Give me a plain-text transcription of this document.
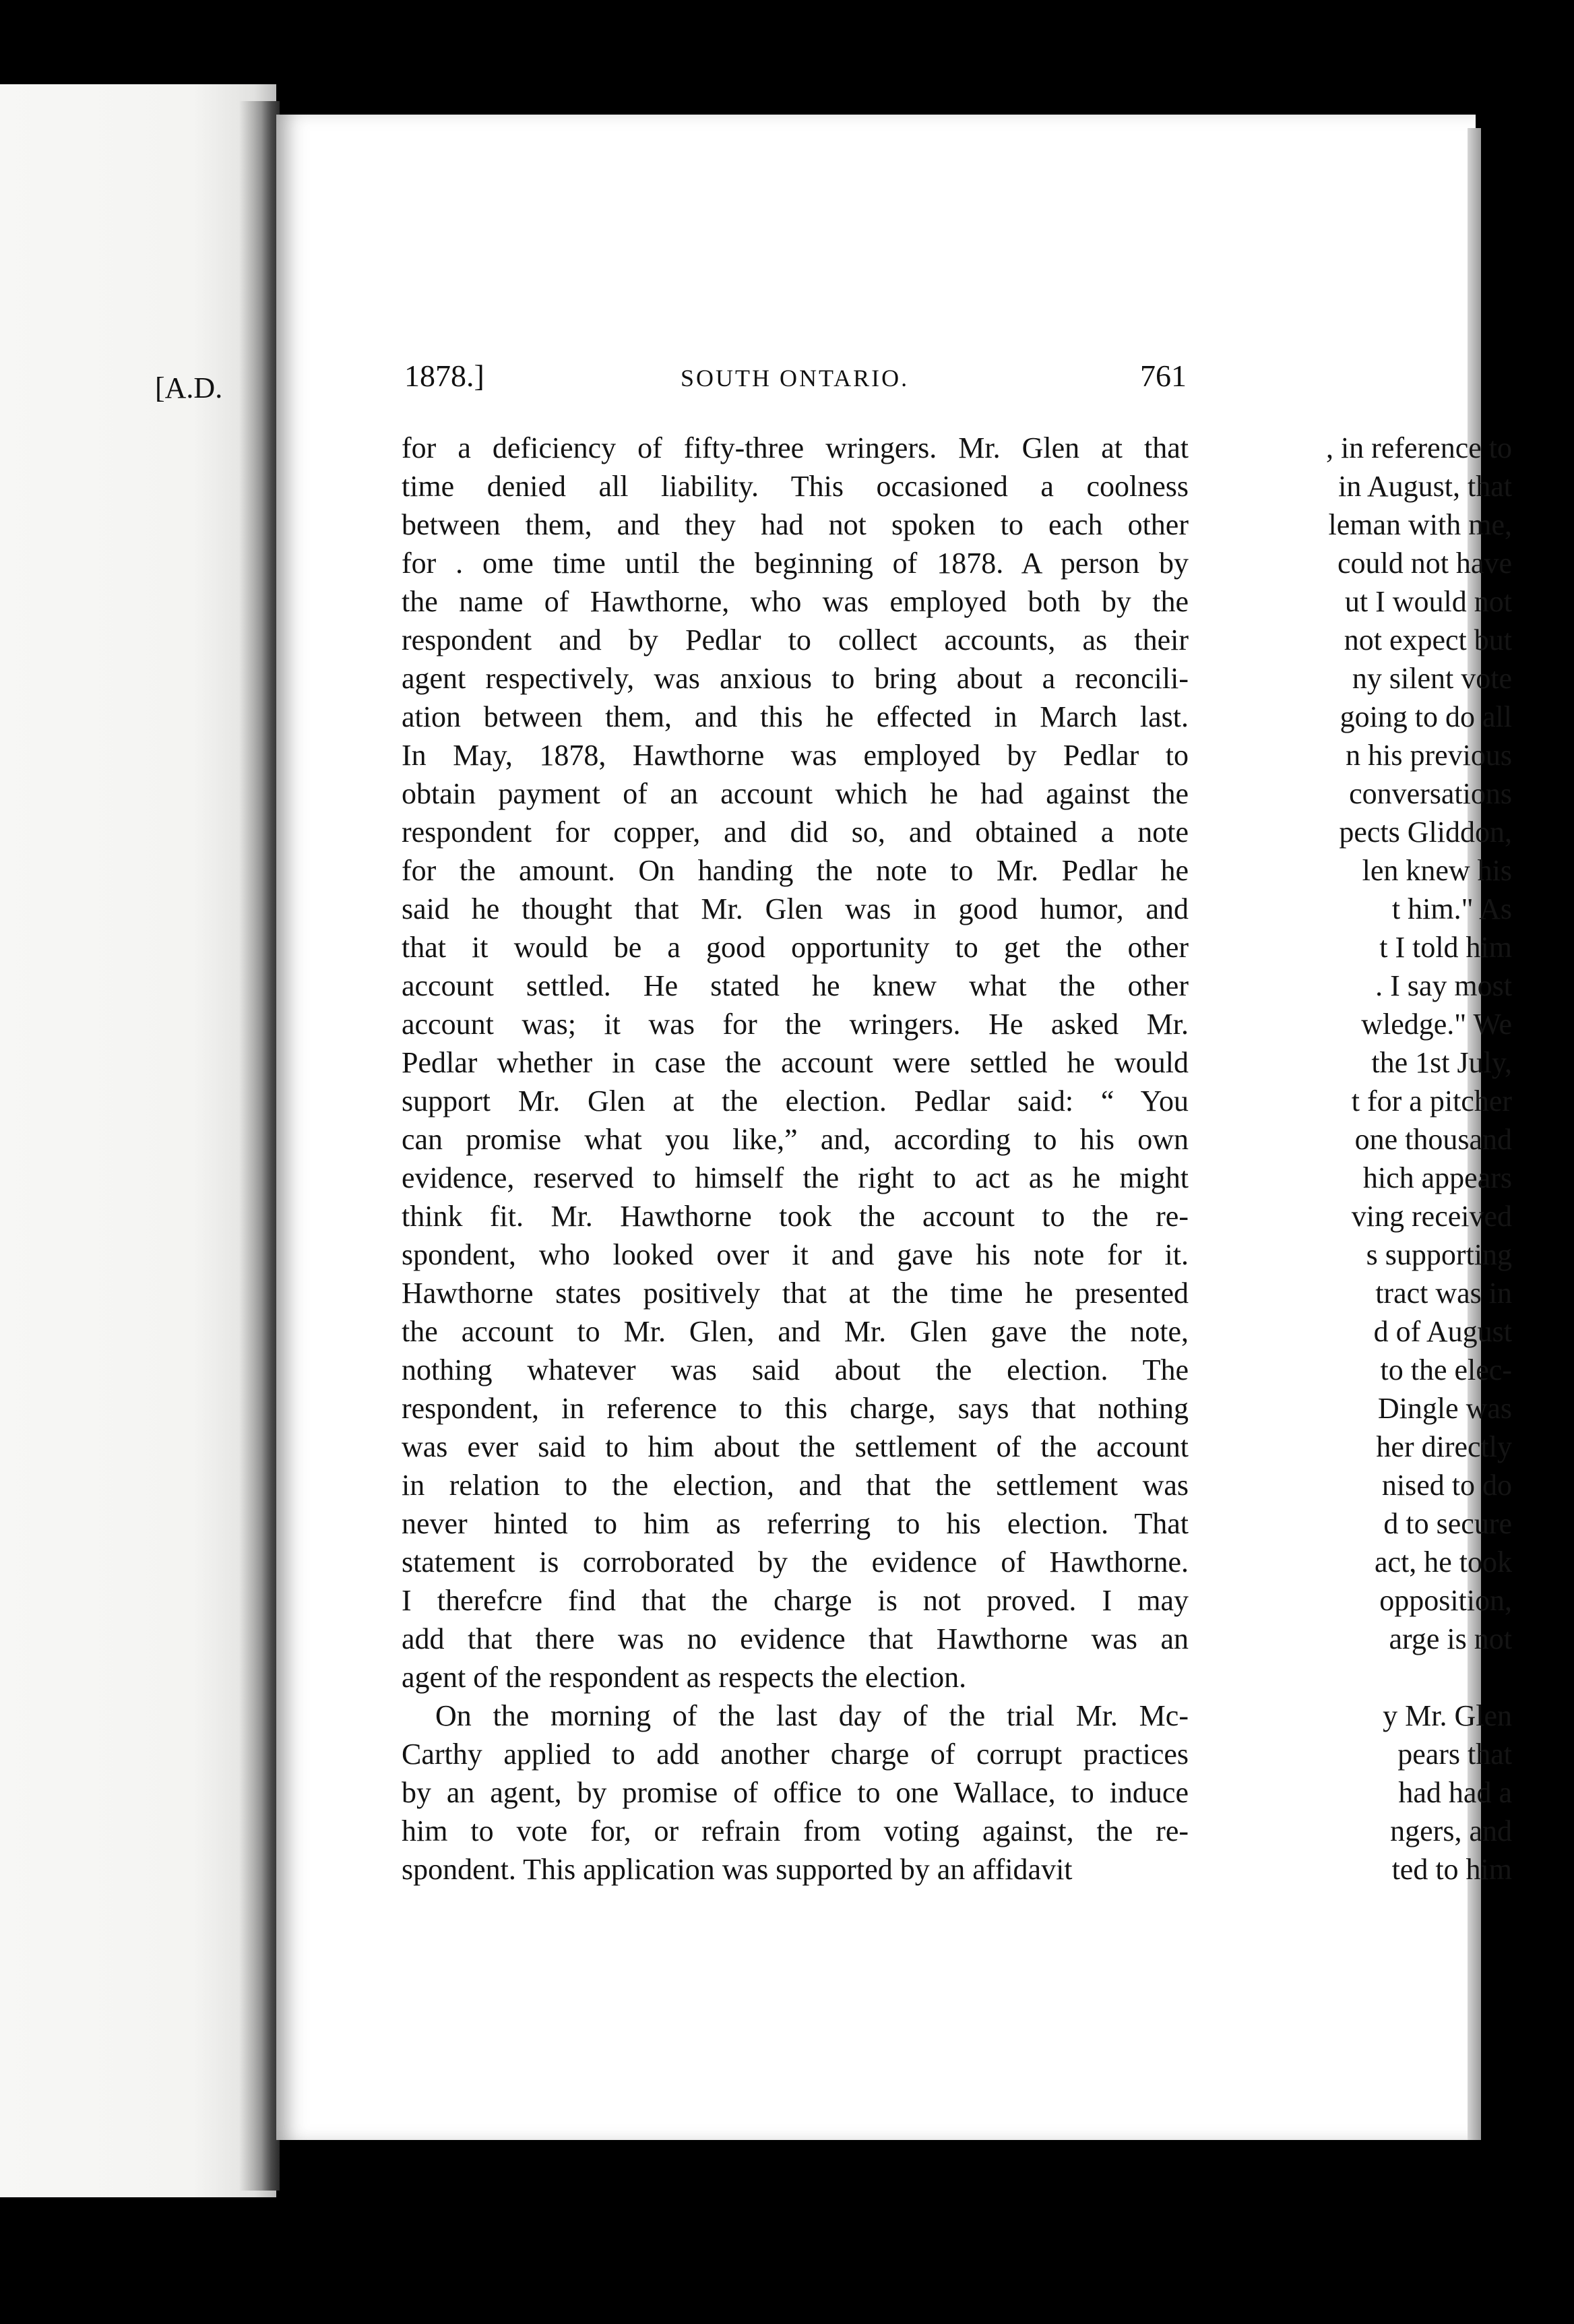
[A.D.
, in reference to
in August, that
leman with me,
could not have
ut I would not
not expect but
ny silent vote
going to do all
n his previous
conversations
pects Gliddon,
len knew his
t him." As
t I told him
. I say most
wledge." We
the 1st July,
t for a pitcher
one thousand
hich appears
ving received
s supporting
tract was in
d of August
to the elec-
Dingle was
her directly
nised to do
d to secure
act, he took
opposition,
arge is not
y Mr. Glen
pears that
had had a
ngers, and
ted to him
1878.]	SOUTH ONTARIO.	761

for a deficiency of fifty-three wringers. Mr. Glen at that

time denied all liability. This occasioned a coolness

between them, and they had not spoken to each other

for . ome time until the beginning of 1878. A person by

the name of Hawthorne, who was employed both by the

respondent and by Pedlar to collect accounts, as their

agent respectively, was anxious to bring about a reconcili-

ation between them, and this he effected in March last.

In May, 1878, Hawthorne was employed by Pedlar to

obtain payment of an account which he had against the

respondent for copper, and did so, and obtained a note

for the amount. On handing the note to Mr. Pedlar he

said he thought that Mr. Glen was in good humor, and

that it would be a good opportunity to get the other

account settled. He stated he knew what the other

account was; it was for the wringers. He asked Mr.

Pedlar whether in case the account were settled he would

support Mr. Glen at the election. Pedlar said: “ You

can promise what you like,” and, according to his own

evidence, reserved to himself the right to act as he might

think fit. Mr. Hawthorne took the account to the re-

spondent, who looked over it and gave his note for it.

Hawthorne states positively that at the time he presented

the account to Mr. Glen, and Mr. Glen gave the note,

nothing whatever was said about the election. The

respondent, in reference to this charge, says that nothing

was ever said to him about the settlement of the account

in relation to the election, and that the settlement was

never hinted to him as referring to his election. That

statement is corroborated by the evidence of Hawthorne.

I therefcre find that the charge is not proved. I may

add that there was no evidence that Hawthorne was an

agent of the respondent as respects the election.

On the morning of the last day of the trial Mr. Mc-

Carthy applied to add another charge of corrupt practices

by an agent, by promise of office to one Wallace, to induce

him to vote for, or refrain from voting against, the re-

spondent. This application was supported by an affidavit
